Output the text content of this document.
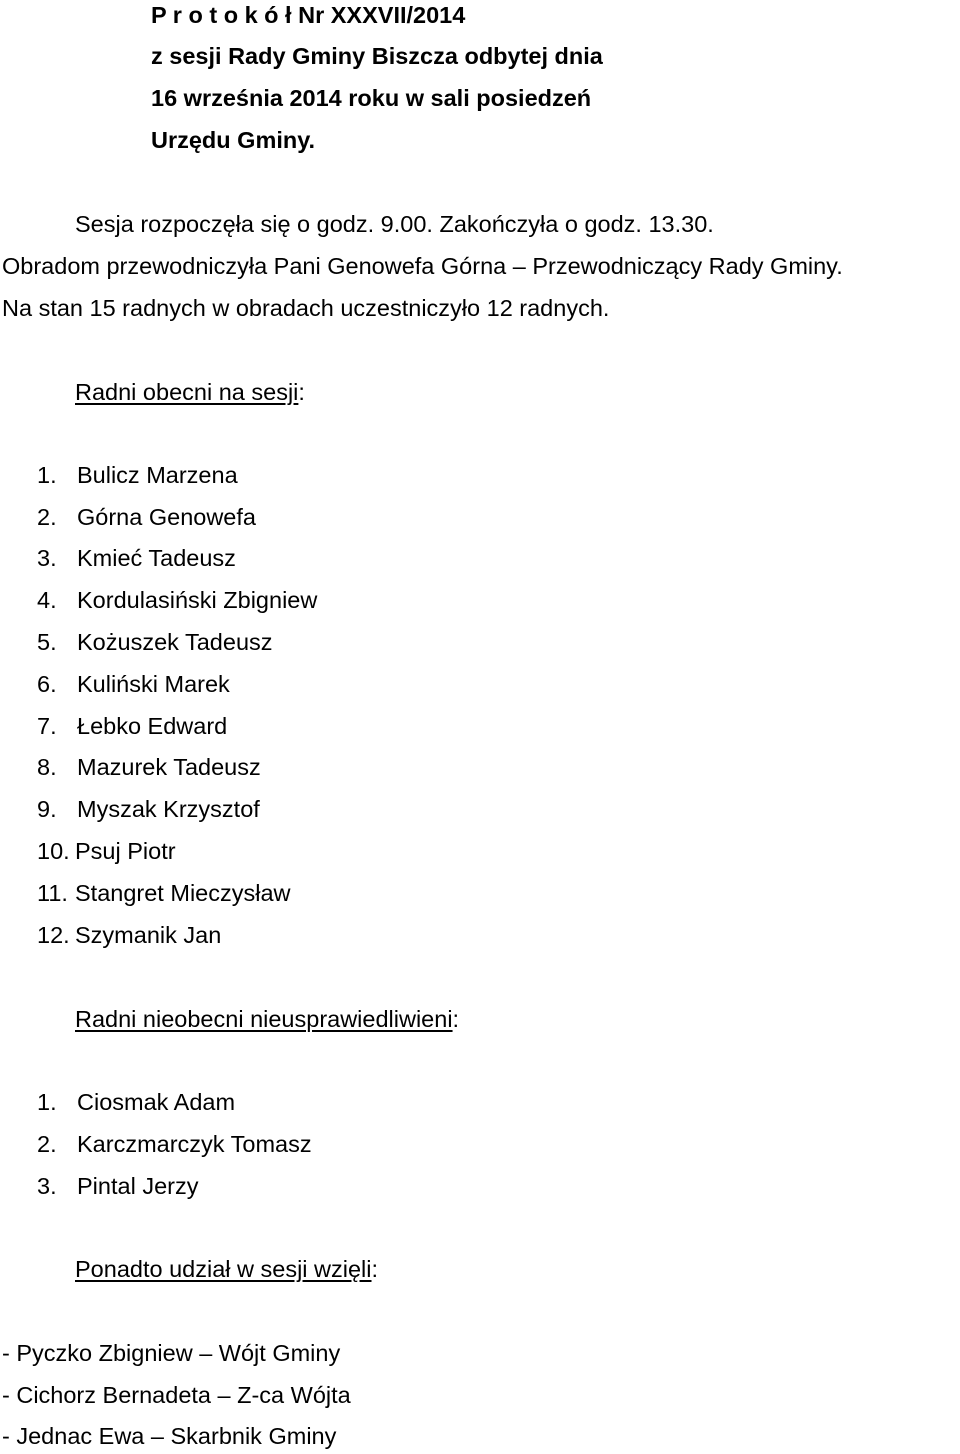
P r o t o k ó ł Nr XXXVII/2014
z sesji Rady Gminy Biszcza odbytej dnia
16 września 2014 roku w sali posiedzeń
Urzędu Gminy.
Sesja rozpoczęła się o godz. 9.00. Zakończyła o godz. 13.30.
Obradom przewodniczyła Pani Genowefa Górna – Przewodniczący Rady Gminy.
Na stan 15 radnych w obradach uczestniczyło 12 radnych.
Radni obecni na sesji:
1. Bulicz Marzena
2. Górna Genowefa
3. Kmieć Tadeusz
4. Kordulasiński Zbigniew
5. Kożuszek Tadeusz
6. Kuliński Marek
7. Łebko Edward
8. Mazurek Tadeusz
9. Myszak Krzysztof
10. Psuj Piotr
11. Stangret Mieczysław
12. Szymanik Jan
Radni nieobecni nieusprawiedliwieni:
1. Ciosmak Adam
2. Karczmarczyk Tomasz
3. Pintal Jerzy
Ponadto udział w sesji wzięli:
- Pyczko Zbigniew – Wójt Gminy
- Cichorz Bernadeta – Z-ca Wójta
- Jednac Ewa – Skarbnik Gminy
